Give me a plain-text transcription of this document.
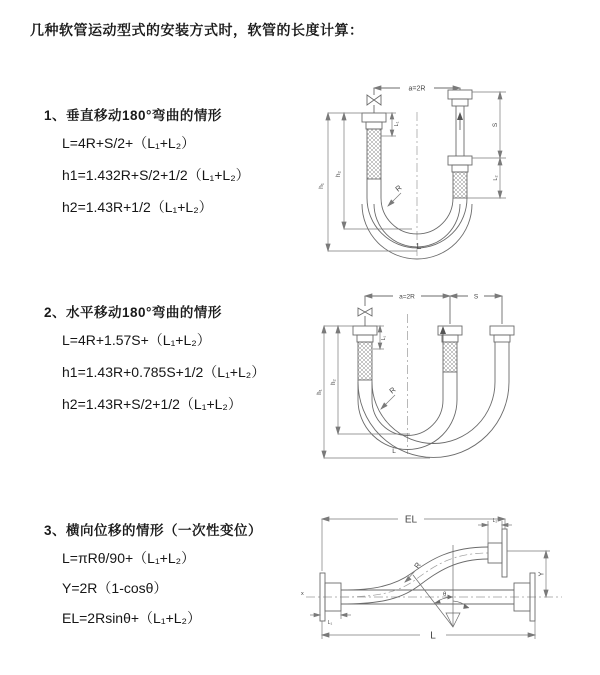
几种软管运动型式的安装方式时，软管的长度计算：
1、垂直移动180°弯曲的情形
L=4R+S/2+（L₁+L₂）
h1=1.432R+S/2+1/2（L₁+L₂）
h2=1.43R+1/2（L₁+L₂）
2、水平移动180°弯曲的情形
L=4R+1.57S+（L₁+L₂）
h1=1.43R+0.785S+1/2（L₁+L₂）
h2=1.43R+S/2+1/2（L₁+L₂）
3、横向位移的情形（一次性变位）
L=πRθ/90+（L₁+L₂）
Y=2R（1-cosθ）
EL=2Rsinθ+（L₁+L₂）
a=2R
h₁
h₂
L₁	S
L₂
R
L
a=2R	S
h₁
h₂
L₁
R
L
EL	L₂
Y
R
θ
L
L₁
x
